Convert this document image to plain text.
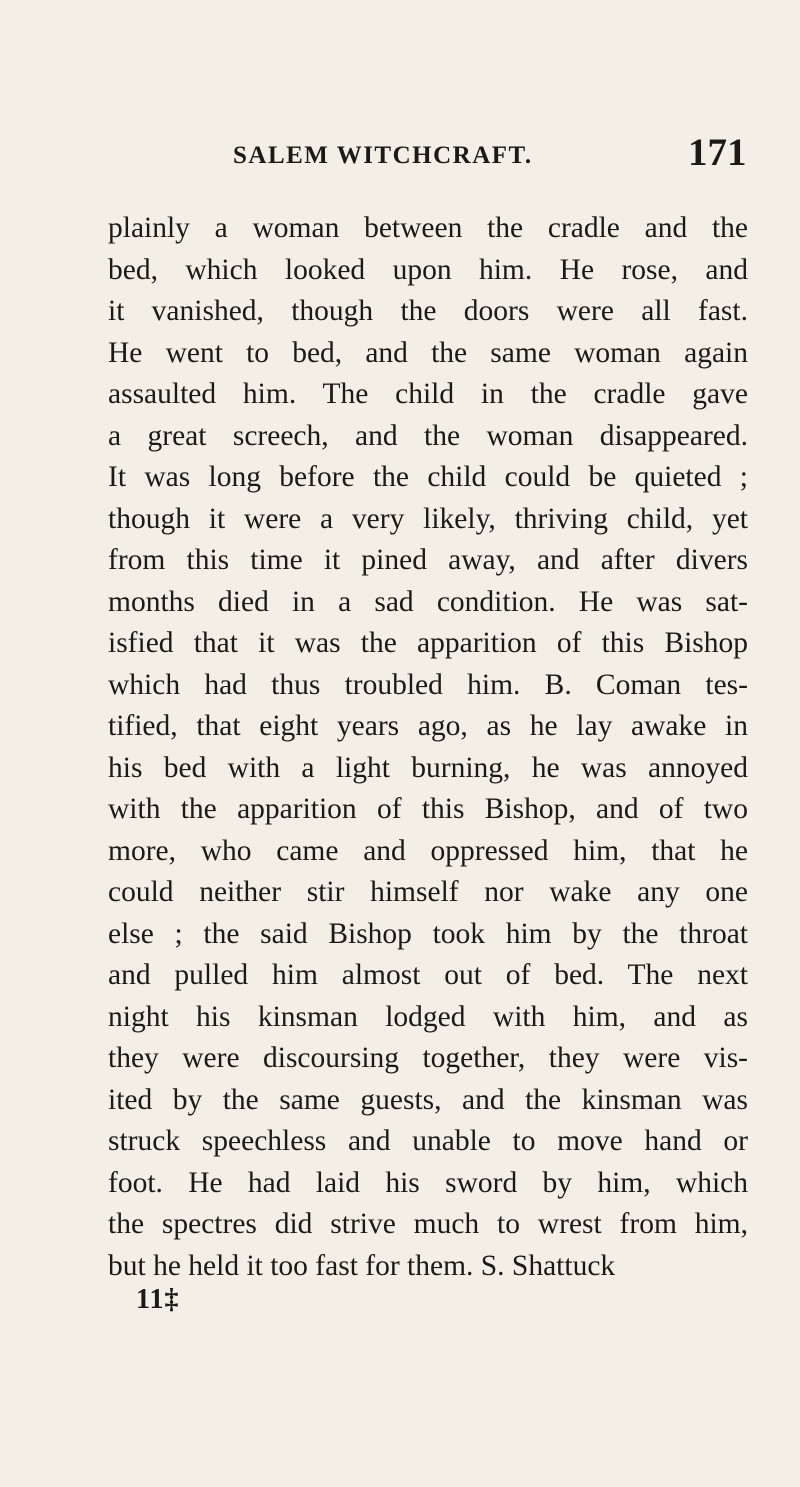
SALEM WITCHCRAFT.	171
plainly a woman between the cradle and the
bed, which looked upon him. He rose, and
it vanished, though the doors were all fast.
He went to bed, and the same woman again
assaulted him. The child in the cradle gave
a great screech, and the woman disappeared.
It was long before the child could be quieted ;
though it were a very likely, thriving child, yet
from this time it pined away, and after divers
months died in a sad condition. He was sat-
isfied that it was the apparition of this Bishop
which had thus troubled him. B. Coman tes-
tified, that eight years ago, as he lay awake in
his bed with a light burning, he was annoyed
with the apparition of this Bishop, and of two
more, who came and oppressed him, that he
could neither stir himself nor wake any one
else ; the said Bishop took him by the throat
and pulled him almost out of bed. The next
night his kinsman lodged with him, and as
they were discoursing together, they were vis-
ited by the same guests, and the kinsman was
struck speechless and unable to move hand or
foot. He had laid his sword by him, which
the spectres did strive much to wrest from him,
but he held it too fast for them. S. Shattuck
11‡
